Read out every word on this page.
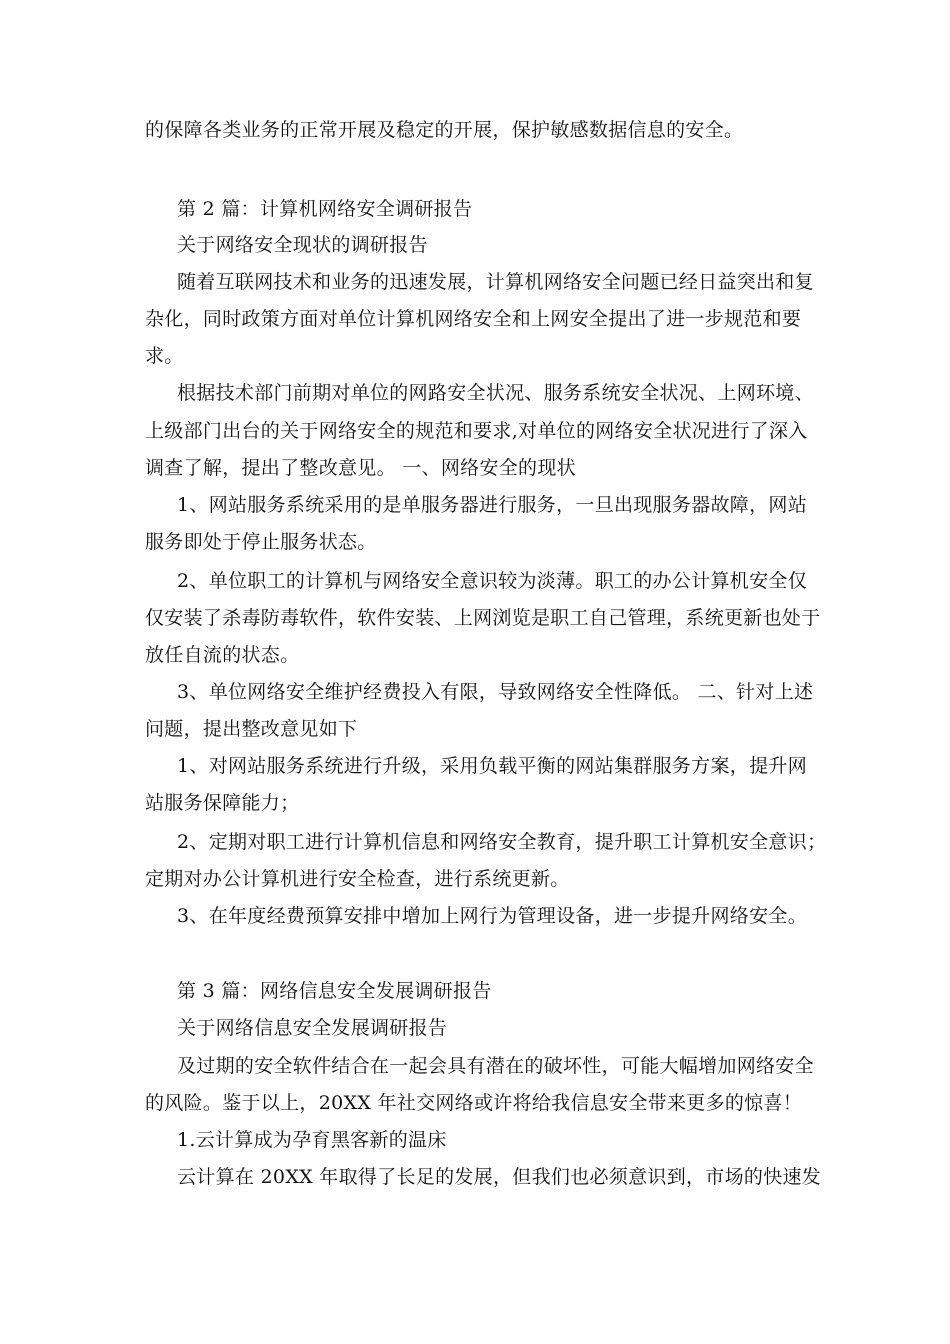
的保障各类业务的正常开展及稳定的开展，保护敏感数据信息的安全。
第 2 篇：计算机网络安全调研报告
关于网络安全现状的调研报告
随着互联网技术和业务的迅速发展，计算机网络安全问题已经日益突出和复
杂化，同时政策方面对单位计算机网络安全和上网安全提出了进一步规范和要
求。
根据技术部门前期对单位的网路安全状况、服务系统安全状况、上网环境、
上级部门出台的关于网络安全的规范和要求,对单位的网络安全状况进行了深入
调查了解，提出了整改意见。 一、网络安全的现状
1、网站服务系统采用的是单服务器进行服务，一旦出现服务器故障，网站
服务即处于停止服务状态。
2、单位职工的计算机与网络安全意识较为淡薄。职工的办公计算机安全仅
仅安装了杀毒防毒软件，软件安装、上网浏览是职工自己管理，系统更新也处于
放任自流的状态。
3、单位网络安全维护经费投入有限，导致网络安全性降低。 二、针对上述
问题，提出整改意见如下
1、对网站服务系统进行升级，采用负载平衡的网站集群服务方案，提升网
站服务保障能力；
2、定期对职工进行计算机信息和网络安全教育，提升职工计算机安全意识；
定期对办公计算机进行安全检查，进行系统更新。
3、在年度经费预算安排中增加上网行为管理设备，进一步提升网络安全。
第 3 篇：网络信息安全发展调研报告
关于网络信息安全发展调研报告
及过期的安全软件结合在一起会具有潜在的破坏性，可能大幅增加网络安全
的风险。鉴于以上，20XX 年社交网络或许将给我信息安全带来更多的惊喜！
1.云计算成为孕育黑客新的温床
云计算在 20XX 年取得了长足的发展，但我们也必须意识到，市场的快速发
